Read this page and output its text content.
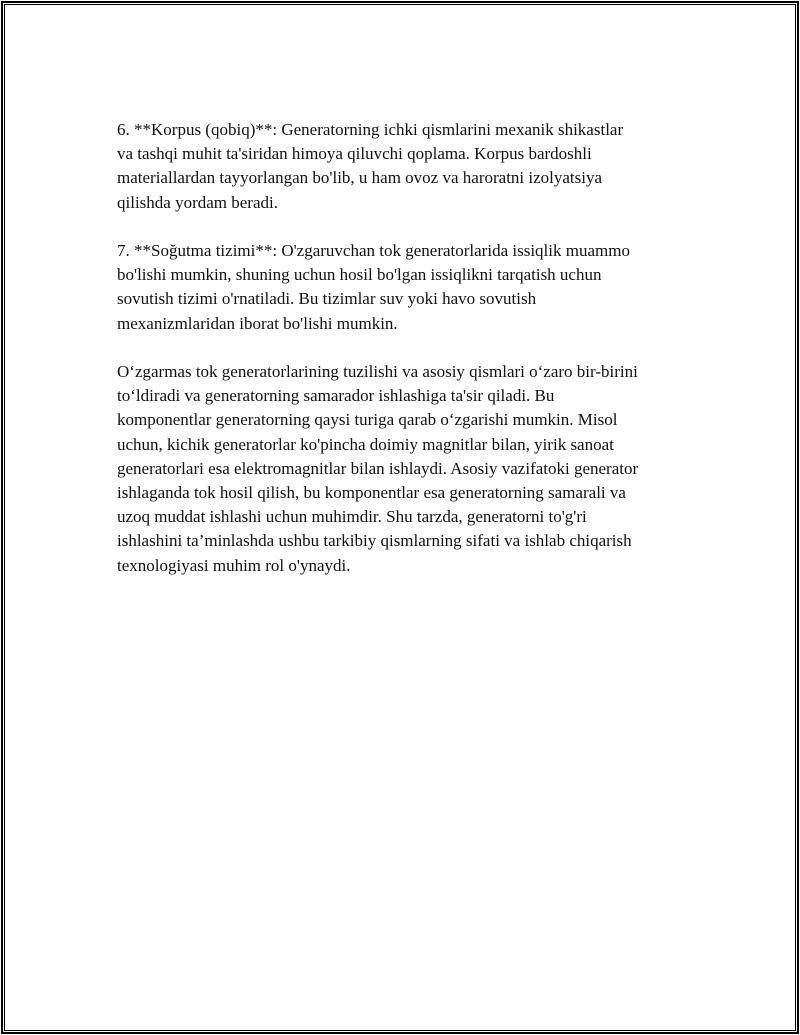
6. **Korpus (qobiq)**: Generatorning ichki qismlarini mexanik shikastlar
va tashqi muhit ta'siridan himoya qiluvchi qoplama. Korpus bardoshli
materiallardan tayyorlangan bo'lib, u ham ovoz va haroratni izolyatsiya
qilishda yordam beradi.

7. **Soğutma tizimi**: O'zgaruvchan tok generatorlarida issiqlik muammo
bo'lishi mumkin, shuning uchun hosil bo'lgan issiqlikni tarqatish uchun
sovutish tizimi o'rnatiladi. Bu tizimlar suv yoki havo sovutish
mexanizmlaridan iborat bo'lishi mumkin.

O‘zgarmas tok generatorlarining tuzilishi va asosiy qismlari o‘zaro bir-birini
to‘ldiradi va generatorning samarador ishlashiga ta'sir qiladi. Bu
komponentlar generatorning qaysi turiga qarab o‘zgarishi mumkin. Misol
uchun, kichik generatorlar ko'pincha doimiy magnitlar bilan, yirik sanoat
generatorlari esa elektromagnitlar bilan ishlaydi. Asosiy vazifatoki generator
ishlaganda tok hosil qilish, bu komponentlar esa generatorning samarali va
uzoq muddat ishlashi uchun muhimdir. Shu tarzda, generatorni to'g'ri
ishlashini ta’minlashda ushbu tarkibiy qismlarning sifati va ishlab chiqarish
texnologiyasi muhim rol o'ynaydi.
